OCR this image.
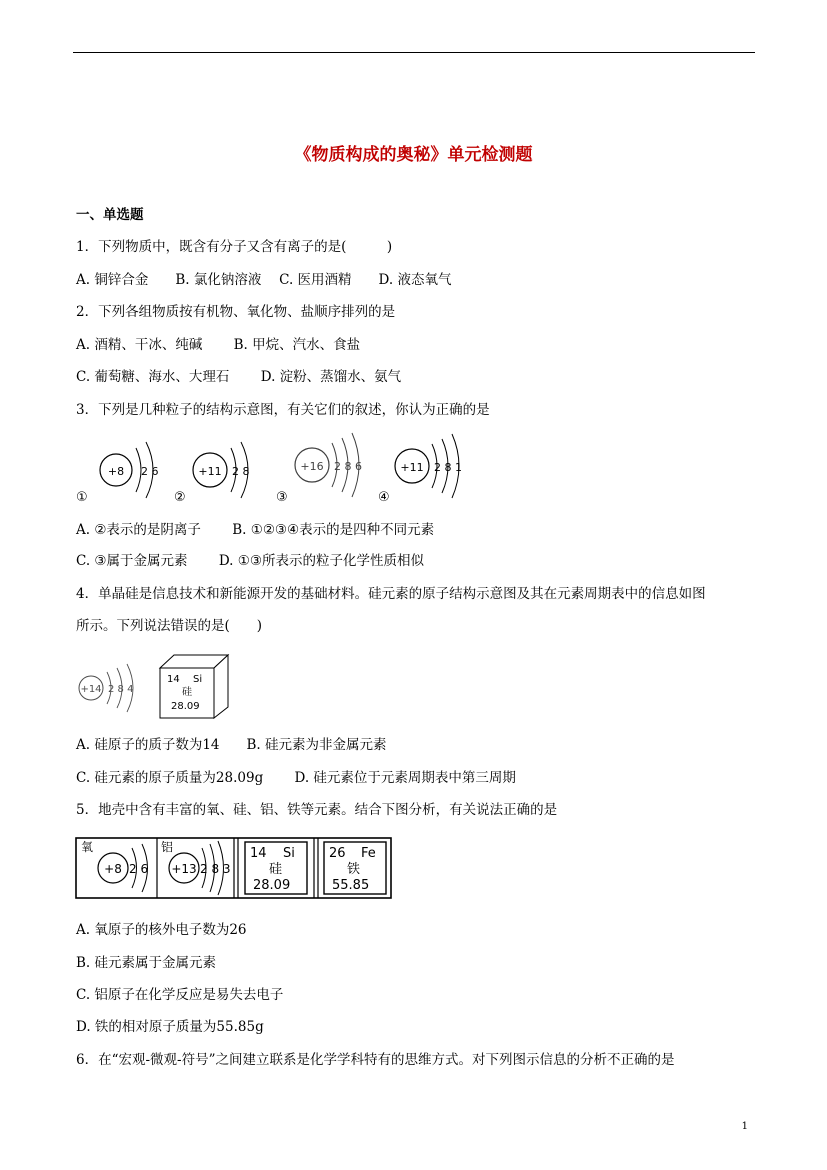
《物质构成的奥秘》单元检测题
一、单选题
1．下列物质中，既含有分子又含有离子的是(　　　)
A. 铜锌合金　　B. 氯化钠溶液　 C. 医用酒精　　D. 液态氧气
2．下列各组物质按有机物、氧化物、盐顺序排列的是
A. 酒精、干冰、纯碱　　 B. 甲烷、汽水、食盐
C. 葡萄糖、海水、大理石　　 D. 淀粉、蒸馏水、氨气
3．下列是几种粒子的结构示意图，有关它们的叙述，你认为正确的是
+8 2 6
①
+11 2 8
②
+16 2 8 6
③
+11 2 8 1
④
A. ②表示的是阴离子　　 B. ①②③④表示的是四种不同元素
C. ③属于金属元素　　 D. ①③所表示的粒子化学性质相似
4．单晶硅是信息技术和新能源开发的基础材料。硅元素的原子结构示意图及其在元素周期表中的信息如图
所示。下列说法错误的是(　　)
+14 2 8 4
14 Si
硅
28.09
A. 硅原子的质子数为14　　B. 硅元素为非金属元素
C. 硅元素的原子质量为28.09g　　 D. 硅元素位于元素周期表中第三周期
5．地壳中含有丰富的氧、硅、铝、铁等元素。结合下图分析，有关说法正确的是
氧
+8 2 6
铝
+13 2 8 3
14 Si
硅
28.09
26 Fe
铁
55.85
A. 氧原子的核外电子数为26
B. 硅元素属于金属元素
C. 铝原子在化学反应是易失去电子
D. 铁的相对原子质量为55.85g
6．在“宏观-微观-符号”之间建立联系是化学学科特有的思维方式。对下列图示信息的分析不正确的是
1
